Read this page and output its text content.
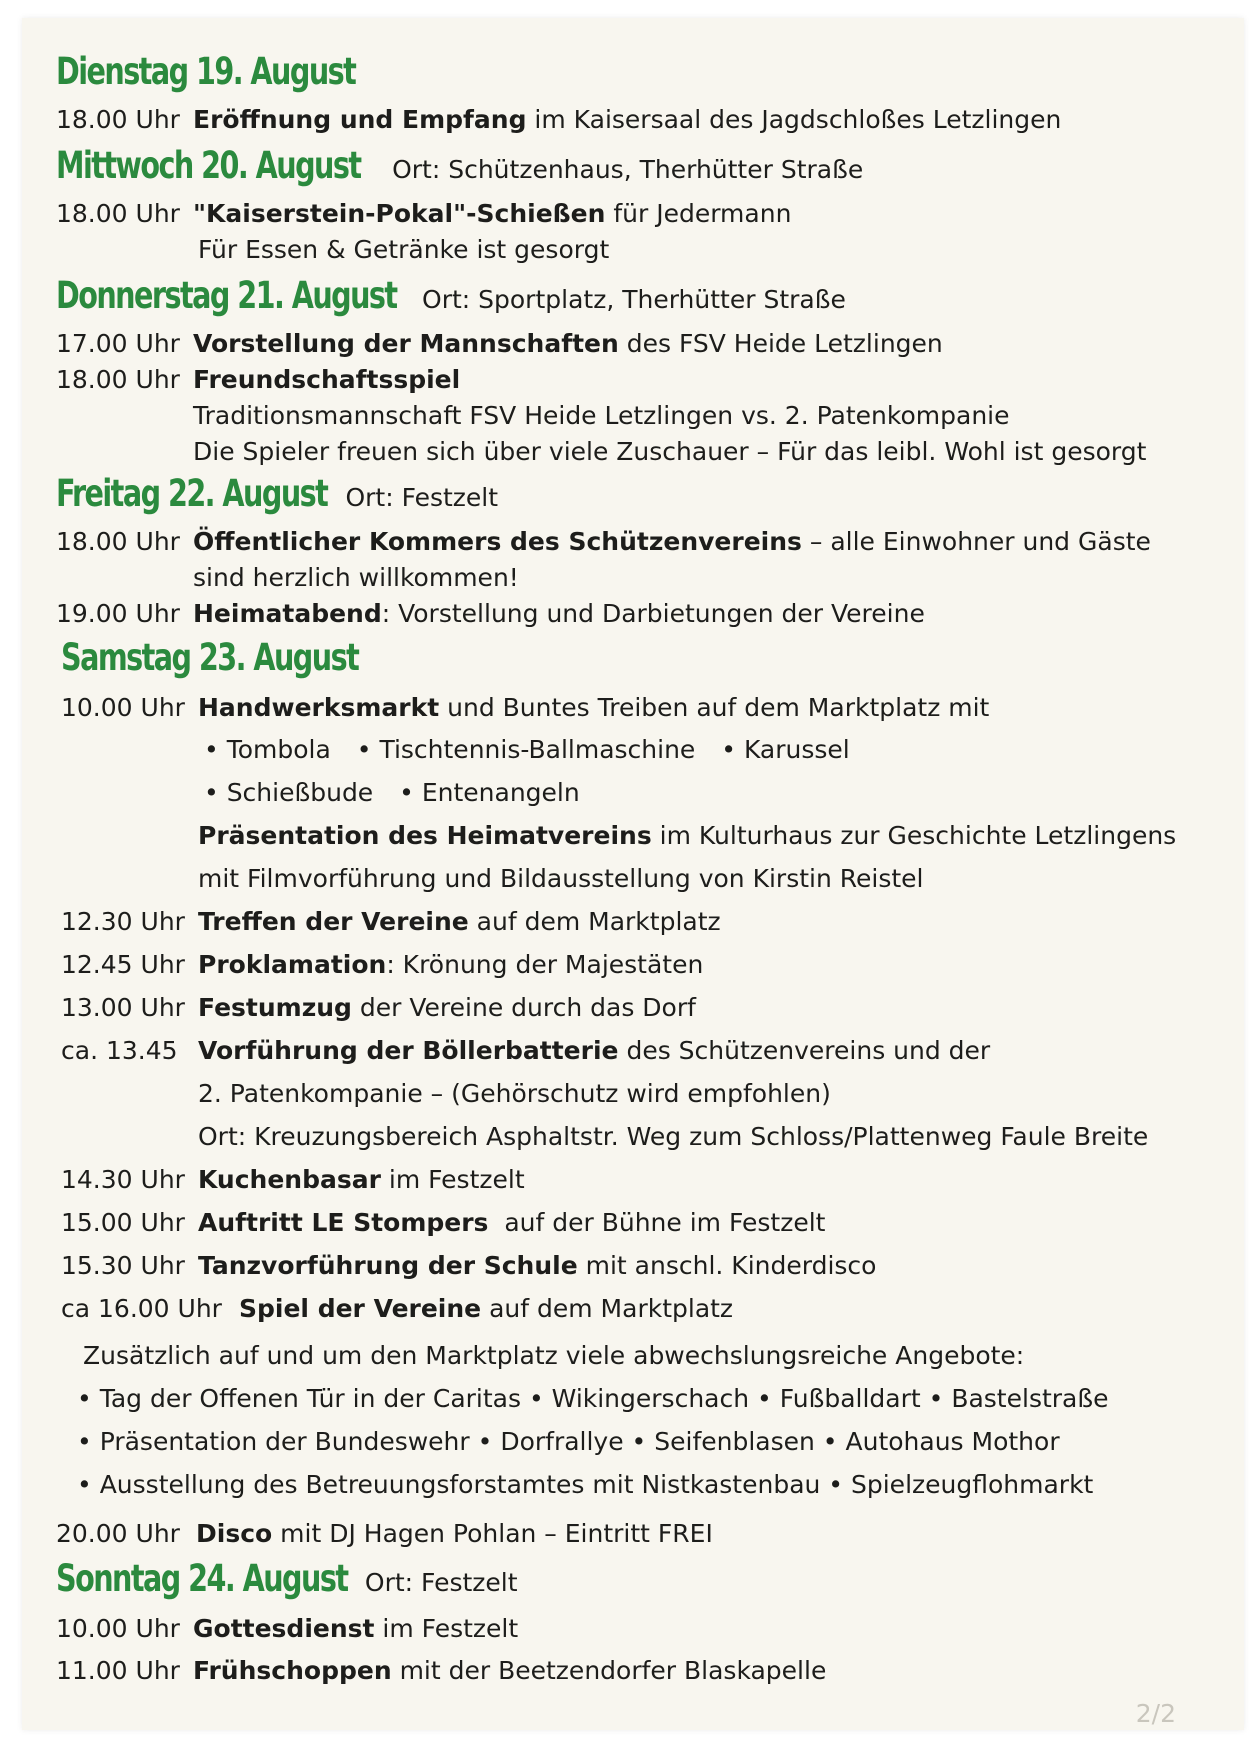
Dienstag 19. August
18.00 Uhr Eröffnung und Empfang im Kaisersaal des Jagdschloßes Letzlingen
Mittwoch 20. August Ort: Schützenhaus, Therhütter Straße
18.00 Uhr "Kaiserstein-Pokal"-Schießen für Jedermann
Für Essen & Getränke ist gesorgt
Donnerstag 21. August Ort: Sportplatz, Therhütter Straße
17.00 Uhr Vorstellung der Mannschaften des FSV Heide Letzlingen
18.00 Uhr Freundschaftsspiel
Traditionsmannschaft FSV Heide Letzlingen vs. 2. Patenkompanie
Die Spieler freuen sich über viele Zuschauer – Für das leibl. Wohl ist gesorgt
Freitag 22. August Ort: Festzelt
18.00 Uhr Öffentlicher Kommers des Schützenvereins – alle Einwohner und Gäste
sind herzlich willkommen!
19.00 Uhr Heimatabend: Vorstellung und Darbietungen der Vereine
Samstag 23. August
10.00 Uhr Handwerksmarkt und Buntes Treiben auf dem Marktplatz mit
• Tombola • Tischtennis-Ballmaschine • Karussel
• Schießbude • Entenangeln
Präsentation des Heimatvereins im Kulturhaus zur Geschichte Letzlingens
mit Filmvorführung und Bildausstellung von Kirstin Reistel
12.30 Uhr Treffen der Vereine auf dem Marktplatz
12.45 Uhr Proklamation: Krönung der Majestäten
13.00 Uhr Festumzug der Vereine durch das Dorf
ca. 13.45 Vorführung der Böllerbatterie des Schützenvereins und der
2. Patenkompanie – (Gehörschutz wird empfohlen)
Ort: Kreuzungsbereich Asphaltstr. Weg zum Schloss/Plattenweg Faule Breite
14.30 Uhr Kuchenbasar im Festzelt
15.00 Uhr Auftritt LE Stompers  auf der Bühne im Festzelt
15.30 Uhr Tanzvorführung der Schule mit anschl. Kinderdisco
ca 16.00 Uhr Spiel der Vereine auf dem Marktplatz
Zusätzlich auf und um den Marktplatz viele abwechslungsreiche Angebote:
• Tag der Offenen Tür in der Caritas • Wikingerschach • Fußballdart • Bastelstraße
• Präsentation der Bundeswehr • Dorfrallye • Seifenblasen • Autohaus Mothor
• Ausstellung des Betreuungsforstamtes mit Nistkastenbau • Spielzeugflohmarkt
20.00 Uhr Disco mit DJ Hagen Pohlan – Eintritt FREI
Sonntag 24. August Ort: Festzelt
10.00 Uhr Gottesdienst im Festzelt
11.00 Uhr Frühschoppen mit der Beetzendorfer Blaskapelle
2/2
